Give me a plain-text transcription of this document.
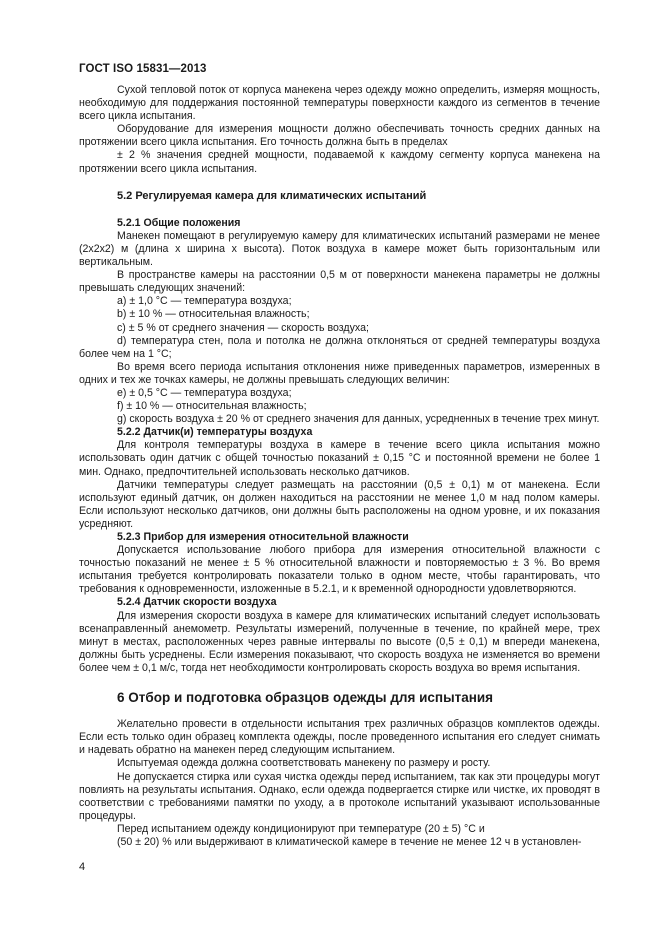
ГОСТ ISO 15831—2013

Сухой тепловой поток от корпуса манекена через одежду можно определить, измеряя мощность, необходимую для поддержания постоянной температуры поверхности каждого из сегментов в течение всего цикла испытания.

Оборудование для измерения мощности должно обеспечивать точность средних данных на протяжении всего цикла испытания. Его точность должна быть в пределах

± 2 % значения средней мощности, подаваемой к каждому сегменту корпуса манекена на протяжении всего цикла испытания.

5.2 Регулируемая камера для климатических испытаний

5.2.1 Общие положения

Манекен помещают в регулируемую камеру для климатических испытаний размерами не менее (2х2х2) м (длина х ширина х высота). Поток воздуха в камере может быть горизонтальным или вертикальным.

В пространстве камеры на расстоянии 0,5 м от поверхности манекена параметры не должны превышать следующих значений:

a) ± 1,0 °C — температура воздуха;

b) ± 10 % — относительная влажность;

c) ± 5 % от среднего значения — скорость воздуха;

d) температура стен, пола и потолка не должна отклоняться от средней температуры воздуха более чем на 1 °C;

Во время всего периода испытания отклонения ниже приведенных параметров, измеренных в одних и тех же точках камеры, не должны превышать следующих величин:

e) ± 0,5 °C — температура воздуха;

f) ± 10 % — относительная влажность;

g) скорость воздуха ± 20 % от среднего значения для данных, усредненных в течение трех минут.

5.2.2 Датчик(и) температуры воздуха

Для контроля температуры воздуха в камере в течение всего цикла испытания можно использовать один датчик с общей точностью показаний ± 0,15 °C и постоянной времени не более 1 мин. Однако, предпочтительней использовать несколько датчиков.

Датчики температуры следует размещать на расстоянии (0,5 ± 0,1) м от манекена. Если используют единый датчик, он должен находиться на расстоянии не менее 1,0 м над полом камеры. Если используют несколько датчиков, они должны быть расположены на одном уровне, и их показания усредняют.

5.2.3 Прибор для измерения относительной влажности

Допускается использование любого прибора для измерения относительной влажности с точностью показаний не менее ± 5 % относительной влажности и повторяемостью ± 3 %. Во время испытания требуется контролировать показатели только в одном месте, чтобы гарантировать, что требования к одновременности, изложенные в 5.2.1, и к временной однородности удовлетворяются.

5.2.4 Датчик скорости воздуха

Для измерения скорости воздуха в камере для климатических испытаний следует использовать всенаправленный анемометр. Результаты измерений, полученные в течение, по крайней мере, трех минут в местах, расположенных через равные интервалы по высоте (0,5 ± 0,1) м впереди манекена, должны быть усреднены. Если измерения показывают, что скорость воздуха не изменяется во времени более чем ± 0,1 м/с, тогда нет необходимости контролировать скорость воздуха во время испытания.

6 Отбор и подготовка образцов одежды для испытания

Желательно провести в отдельности испытания трех различных образцов комплектов одежды. Если есть только один образец комплекта одежды, после проведенного испытания его следует снимать и надевать обратно на манекен перед следующим испытанием.

Испытуемая одежда должна соответствовать манекену по размеру и росту.

Не допускается стирка или сухая чистка одежды перед испытанием, так как эти процедуры могут повлиять на результаты испытания. Однако, если одежда подвергается стирке или чистке, их проводят в соответствии с требованиями памятки по уходу, а в протоколе испытаний указывают использованные процедуры.

Перед испытанием одежду кондиционируют при температуре (20 ± 5) °C и

(50 ± 20) % или выдерживают в климатической камере в течение не менее 12 ч в установлен-

4
